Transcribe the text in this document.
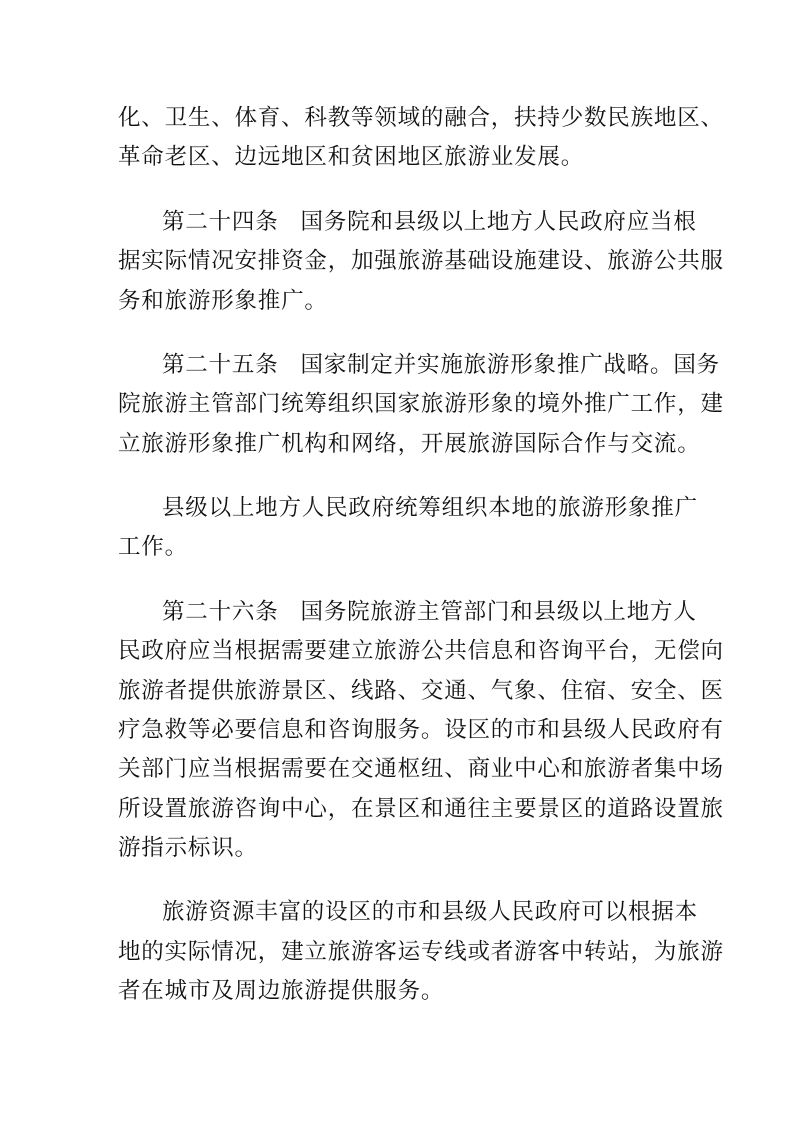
化、卫生、体育、科教等领域的融合，扶持少数民族地区、
革命老区、边远地区和贫困地区旅游业发展。
第二十四条 国务院和县级以上地方人民政府应当根
据实际情况安排资金，加强旅游基础设施建设、旅游公共服
务和旅游形象推广。
第二十五条 国家制定并实施旅游形象推广战略。国务
院旅游主管部门统筹组织国家旅游形象的境外推广工作，建
立旅游形象推广机构和网络，开展旅游国际合作与交流。
县级以上地方人民政府统筹组织本地的旅游形象推广
工作。
第二十六条 国务院旅游主管部门和县级以上地方人
民政府应当根据需要建立旅游公共信息和咨询平台，无偿向
旅游者提供旅游景区、线路、交通、气象、住宿、安全、医
疗急救等必要信息和咨询服务。设区的市和县级人民政府有
关部门应当根据需要在交通枢纽、商业中心和旅游者集中场
所设置旅游咨询中心，在景区和通往主要景区的道路设置旅
游指示标识。
旅游资源丰富的设区的市和县级人民政府可以根据本
地的实际情况，建立旅游客运专线或者游客中转站，为旅游
者在城市及周边旅游提供服务。
